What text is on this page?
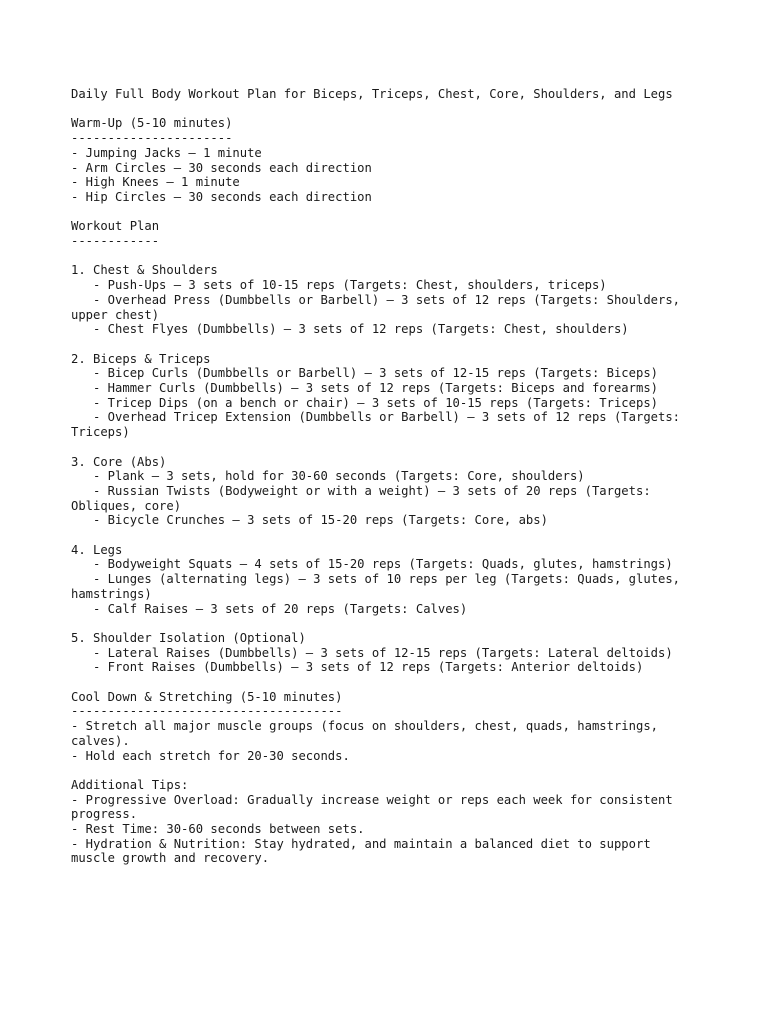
Daily Full Body Workout Plan for Biceps, Triceps, Chest, Core, Shoulders, and Legs
Warm-Up (5-10 minutes)
----------------------
- Jumping Jacks – 1 minute
- Arm Circles – 30 seconds each direction
- High Knees – 1 minute
- Hip Circles – 30 seconds each direction
Workout Plan
------------
1. Chest & Shoulders
- Push-Ups – 3 sets of 10-15 reps (Targets: Chest, shoulders, triceps)
- Overhead Press (Dumbbells or Barbell) – 3 sets of 12 reps (Targets: Shoulders,
upper chest)
- Chest Flyes (Dumbbells) – 3 sets of 12 reps (Targets: Chest, shoulders)
2. Biceps & Triceps
- Bicep Curls (Dumbbells or Barbell) – 3 sets of 12-15 reps (Targets: Biceps)
- Hammer Curls (Dumbbells) – 3 sets of 12 reps (Targets: Biceps and forearms)
- Tricep Dips (on a bench or chair) – 3 sets of 10-15 reps (Targets: Triceps)
- Overhead Tricep Extension (Dumbbells or Barbell) – 3 sets of 12 reps (Targets:
Triceps)
3. Core (Abs)
- Plank – 3 sets, hold for 30-60 seconds (Targets: Core, shoulders)
- Russian Twists (Bodyweight or with a weight) – 3 sets of 20 reps (Targets:
Obliques, core)
- Bicycle Crunches – 3 sets of 15-20 reps (Targets: Core, abs)
4. Legs
- Bodyweight Squats – 4 sets of 15-20 reps (Targets: Quads, glutes, hamstrings)
- Lunges (alternating legs) – 3 sets of 10 reps per leg (Targets: Quads, glutes,
hamstrings)
- Calf Raises – 3 sets of 20 reps (Targets: Calves)
5. Shoulder Isolation (Optional)
- Lateral Raises (Dumbbells) – 3 sets of 12-15 reps (Targets: Lateral deltoids)
- Front Raises (Dumbbells) – 3 sets of 12 reps (Targets: Anterior deltoids)
Cool Down & Stretching (5-10 minutes)
-------------------------------------
- Stretch all major muscle groups (focus on shoulders, chest, quads, hamstrings,
calves).
- Hold each stretch for 20-30 seconds.
Additional Tips:
- Progressive Overload: Gradually increase weight or reps each week for consistent
progress.
- Rest Time: 30-60 seconds between sets.
- Hydration & Nutrition: Stay hydrated, and maintain a balanced diet to support
muscle growth and recovery.
